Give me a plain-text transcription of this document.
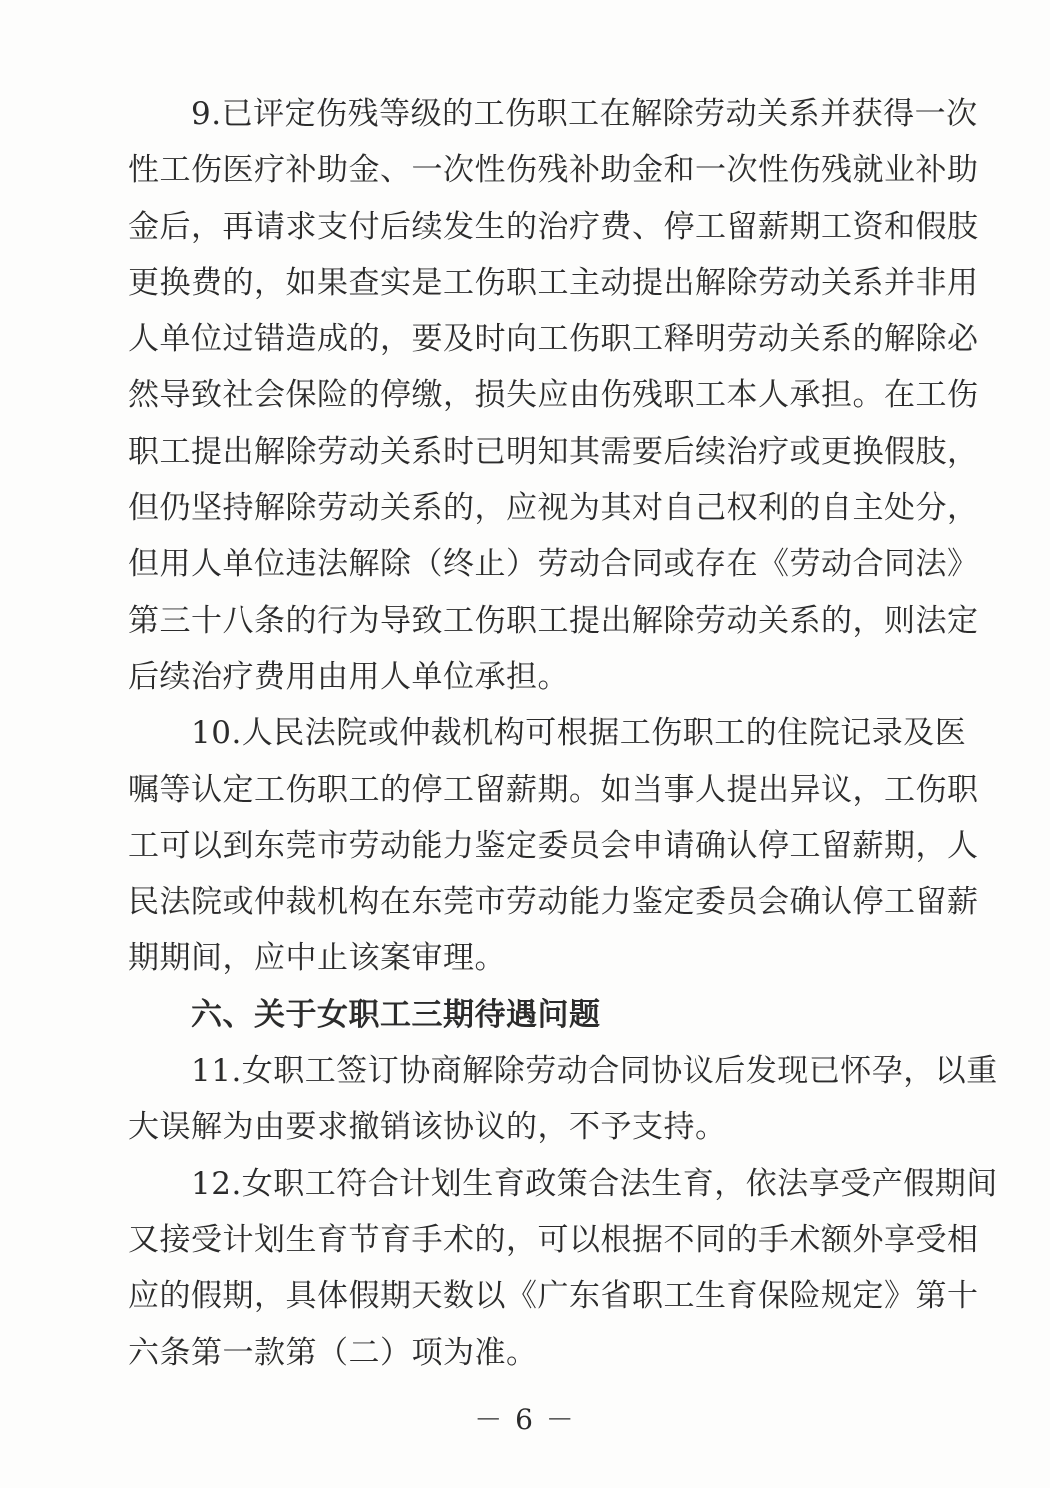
9.已评定伤残等级的工伤职工在解除劳动关系并获得一次
性工伤医疗补助金、一次性伤残补助金和一次性伤残就业补助
金后，再请求支付后续发生的治疗费、停工留薪期工资和假肢
更换费的，如果查实是工伤职工主动提出解除劳动关系并非用
人单位过错造成的，要及时向工伤职工释明劳动关系的解除必
然导致社会保险的停缴，损失应由伤残职工本人承担。在工伤
职工提出解除劳动关系时已明知其需要后续治疗或更换假肢，
但仍坚持解除劳动关系的，应视为其对自己权利的自主处分，
但用人单位违法解除（终止）劳动合同或存在《劳动合同法》
第三十八条的行为导致工伤职工提出解除劳动关系的，则法定
后续治疗费用由用人单位承担。
10.人民法院或仲裁机构可根据工伤职工的住院记录及医
嘱等认定工伤职工的停工留薪期。如当事人提出异议，工伤职
工可以到东莞市劳动能力鉴定委员会申请确认停工留薪期，人
民法院或仲裁机构在东莞市劳动能力鉴定委员会确认停工留薪
期期间，应中止该案审理。
六、关于女职工三期待遇问题
11.女职工签订协商解除劳动合同协议后发现已怀孕，以重
大误解为由要求撤销该协议的，不予支持。
12.女职工符合计划生育政策合法生育，依法享受产假期间
又接受计划生育节育手术的，可以根据不同的手术额外享受相
应的假期，具体假期天数以《广东省职工生育保险规定》第十
六条第一款第（二）项为准。
－ 6 －
